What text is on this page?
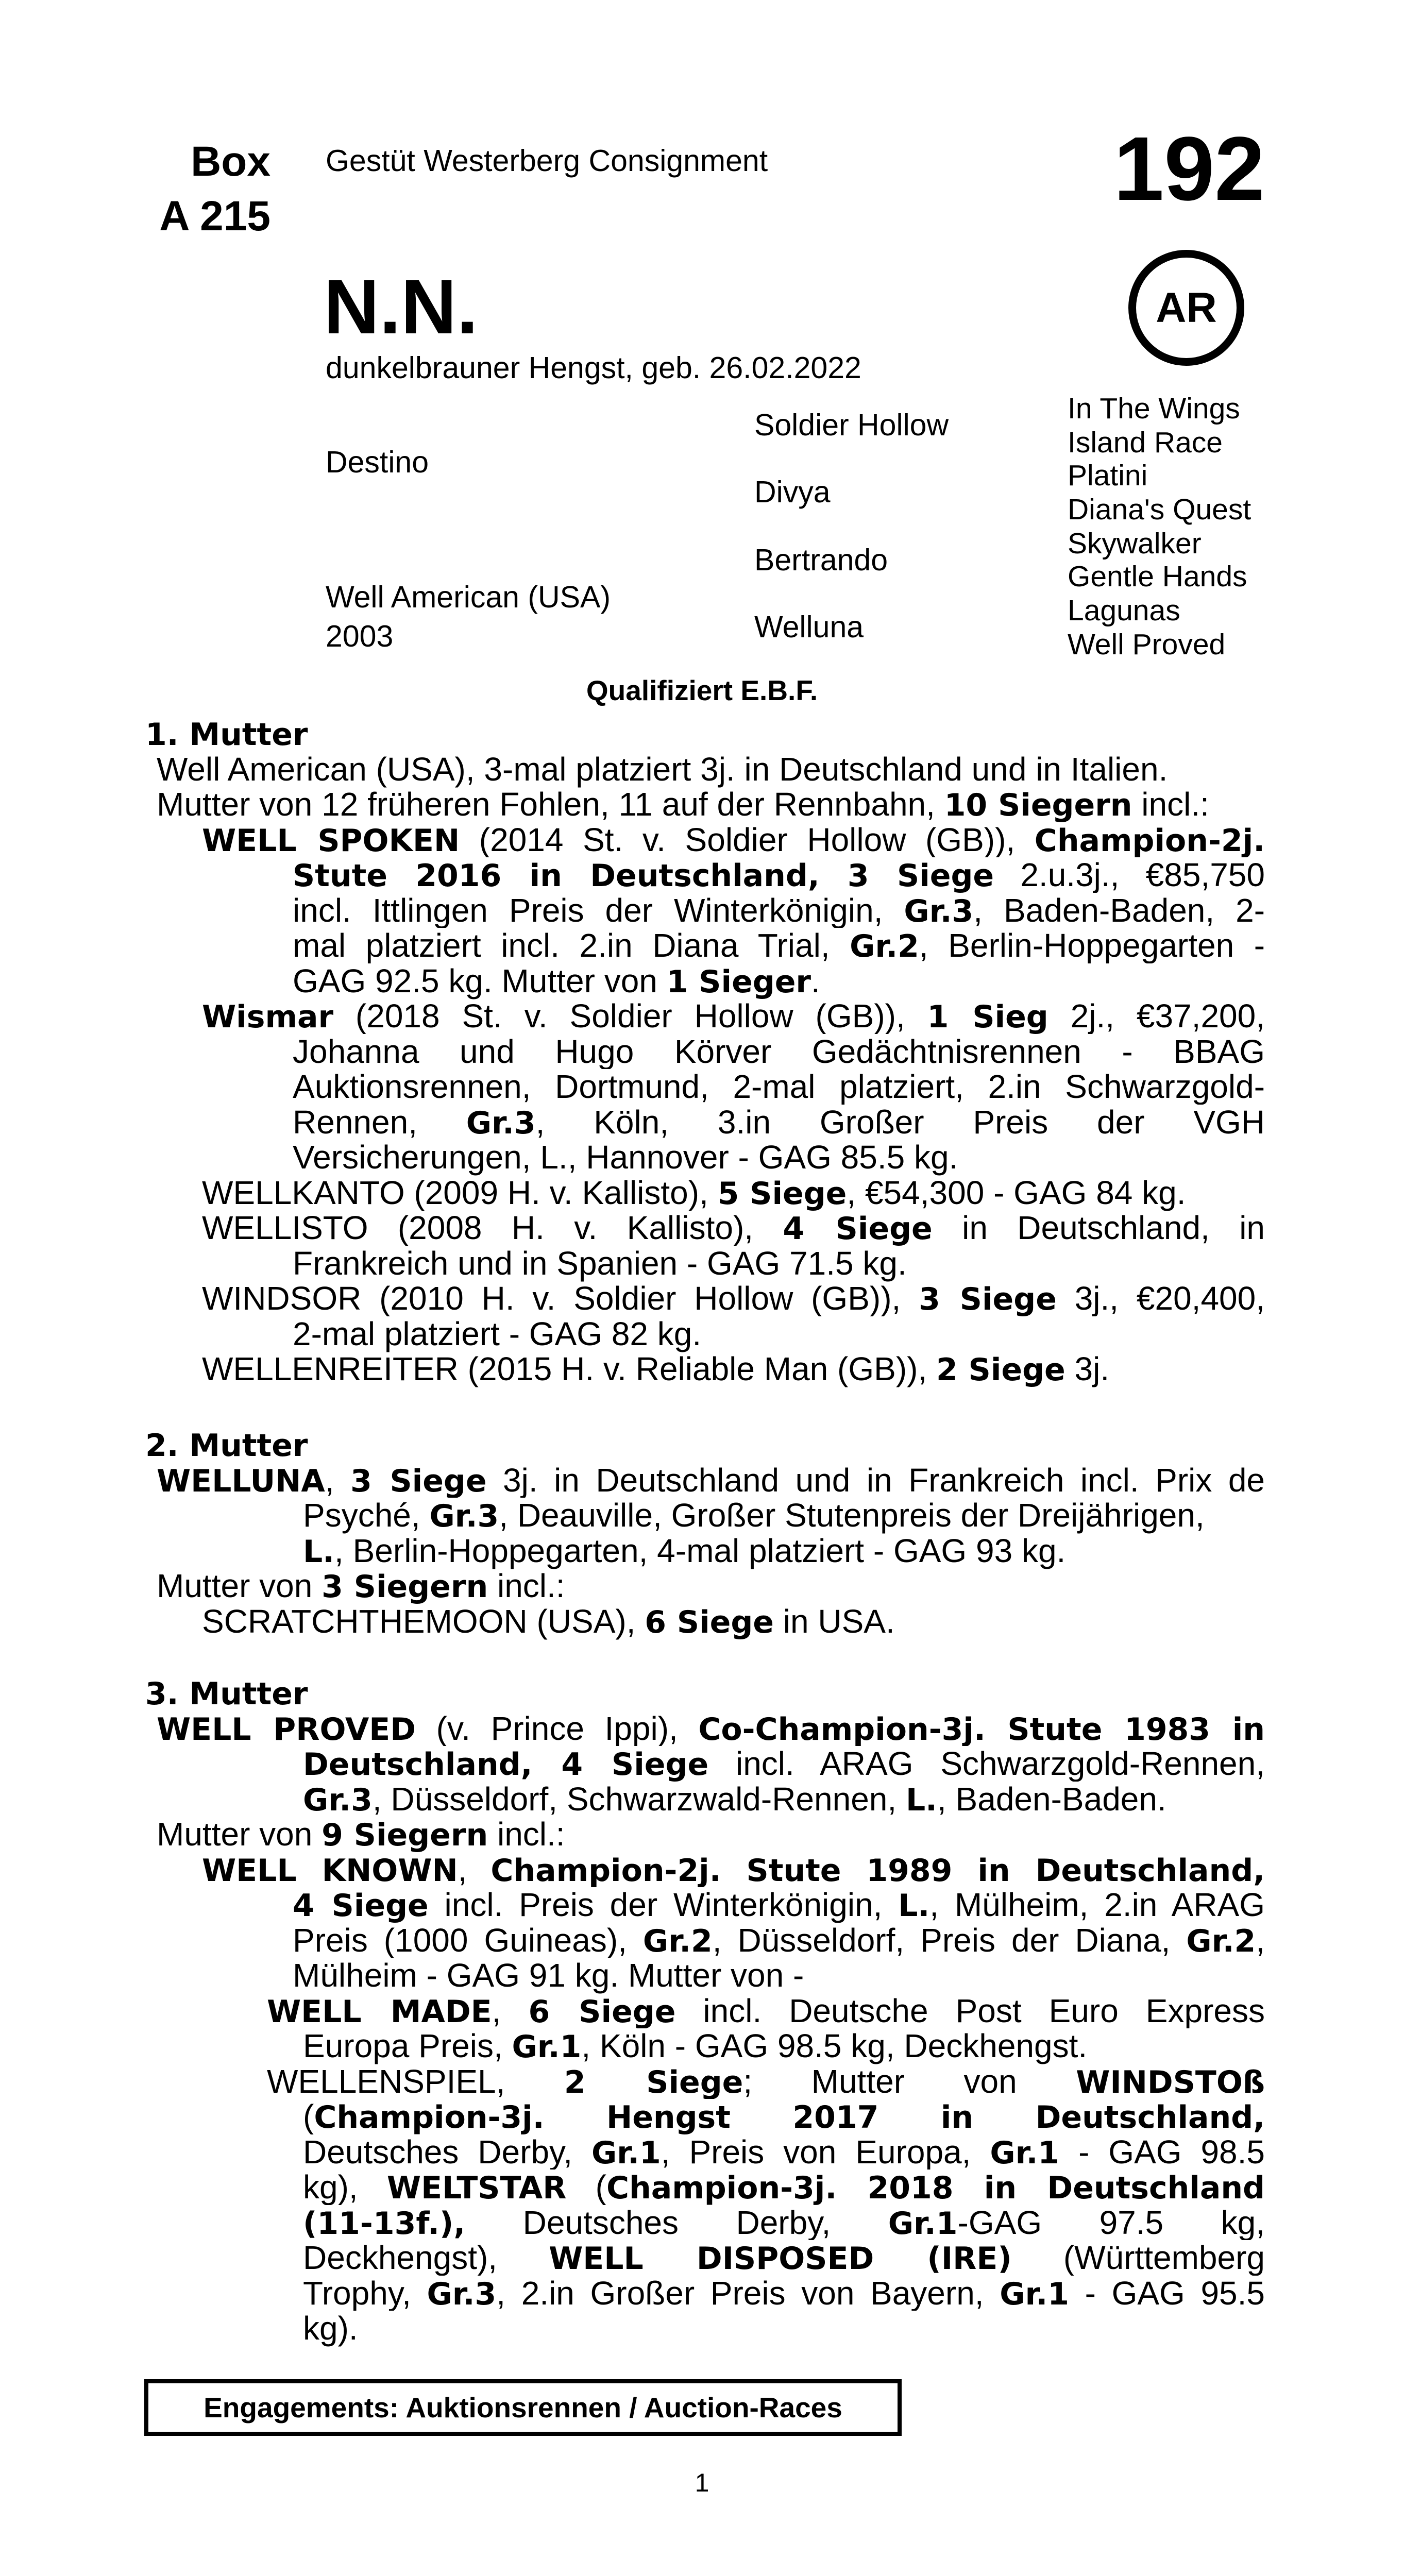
Box
A 215
Gestüt Westerberg Consignment	192
AR
N.N.
dunkelbrauner Hengst, geb. 26.02.2022
Destino
Well American (USA)
2003
Soldier Hollow
Divya
Bertrando
Welluna
In The Wings
Island Race
Platini
Diana's Quest
Skywalker
Gentle Hands
Lagunas
Well Proved
Qualifiziert E.B.F.
1. Mutter
Well American (USA), 3-mal platziert 3j. in Deutschland und in Italien.
Mutter von 12 früheren Fohlen, 11 auf der Rennbahn, 10 Siegern incl.:
WELL SPOKEN (2014 St. v. Soldier Hollow (GB)), Champion-2j.
Stute 2016 in Deutschland, 3 Siege 2.u.3j., €85,750
incl. Ittlingen Preis der Winterkönigin, Gr.3, Baden-Baden, 2-
mal platziert incl. 2.in Diana Trial, Gr.2, Berlin-Hoppegarten -
GAG 92.5 kg. Mutter von 1 Sieger.
Wismar (2018 St. v. Soldier Hollow (GB)), 1 Sieg 2j., €37,200,
Johanna und Hugo Körver Gedächtnisrennen - BBAG
Auktionsrennen, Dortmund, 2-mal platziert, 2.in Schwarzgold-
Rennen, Gr.3, Köln, 3.in Großer Preis der VGH
Versicherungen, L., Hannover - GAG 85.5 kg.
WELLKANTO (2009 H. v. Kallisto), 5 Siege, €54,300 - GAG 84 kg.
WELLISTO (2008 H. v. Kallisto), 4 Siege in Deutschland, in
Frankreich und in Spanien - GAG 71.5 kg.
WINDSOR (2010 H. v. Soldier Hollow (GB)), 3 Siege 3j., €20,400,
2-mal platziert - GAG 82 kg.
WELLENREITER (2015 H. v. Reliable Man (GB)), 2 Siege 3j.
2. Mutter
WELLUNA, 3 Siege 3j. in Deutschland und in Frankreich incl. Prix de
Psyché, Gr.3, Deauville, Großer Stutenpreis der Dreijährigen,
L., Berlin-Hoppegarten, 4-mal platziert - GAG 93 kg.
Mutter von 3 Siegern incl.:
SCRATCHTHEMOON (USA), 6 Siege in USA.
3. Mutter
WELL PROVED (v. Prince Ippi), Co-Champion-3j. Stute 1983 in
Deutschland, 4 Siege incl. ARAG Schwarzgold-Rennen,
Gr.3, Düsseldorf, Schwarzwald-Rennen, L., Baden-Baden.
Mutter von 9 Siegern incl.:
WELL KNOWN, Champion-2j. Stute 1989 in Deutschland,
4 Siege incl. Preis der Winterkönigin, L., Mülheim, 2.in ARAG
Preis (1000 Guineas), Gr.2, Düsseldorf, Preis der Diana, Gr.2,
Mülheim - GAG 91 kg. Mutter von -
WELL MADE, 6 Siege incl. Deutsche Post Euro Express
Europa Preis, Gr.1, Köln - GAG 98.5 kg, Deckhengst.
WELLENSPIEL, 2 Siege; Mutter von WINDSTOß
(Champion-3j. Hengst 2017 in Deutschland,
Deutsches Derby, Gr.1, Preis von Europa, Gr.1 - GAG 98.5
kg), WELTSTAR (Champion-3j. 2018 in Deutschland
(11-13f.), Deutsches Derby, Gr.1-GAG 97.5 kg,
Deckhengst), WELL DISPOSED (IRE) (Württemberg
Trophy, Gr.3, 2.in Großer Preis von Bayern, Gr.1 - GAG 95.5
kg).
Engagements: Auktionsrennen / Auction-Races
1
